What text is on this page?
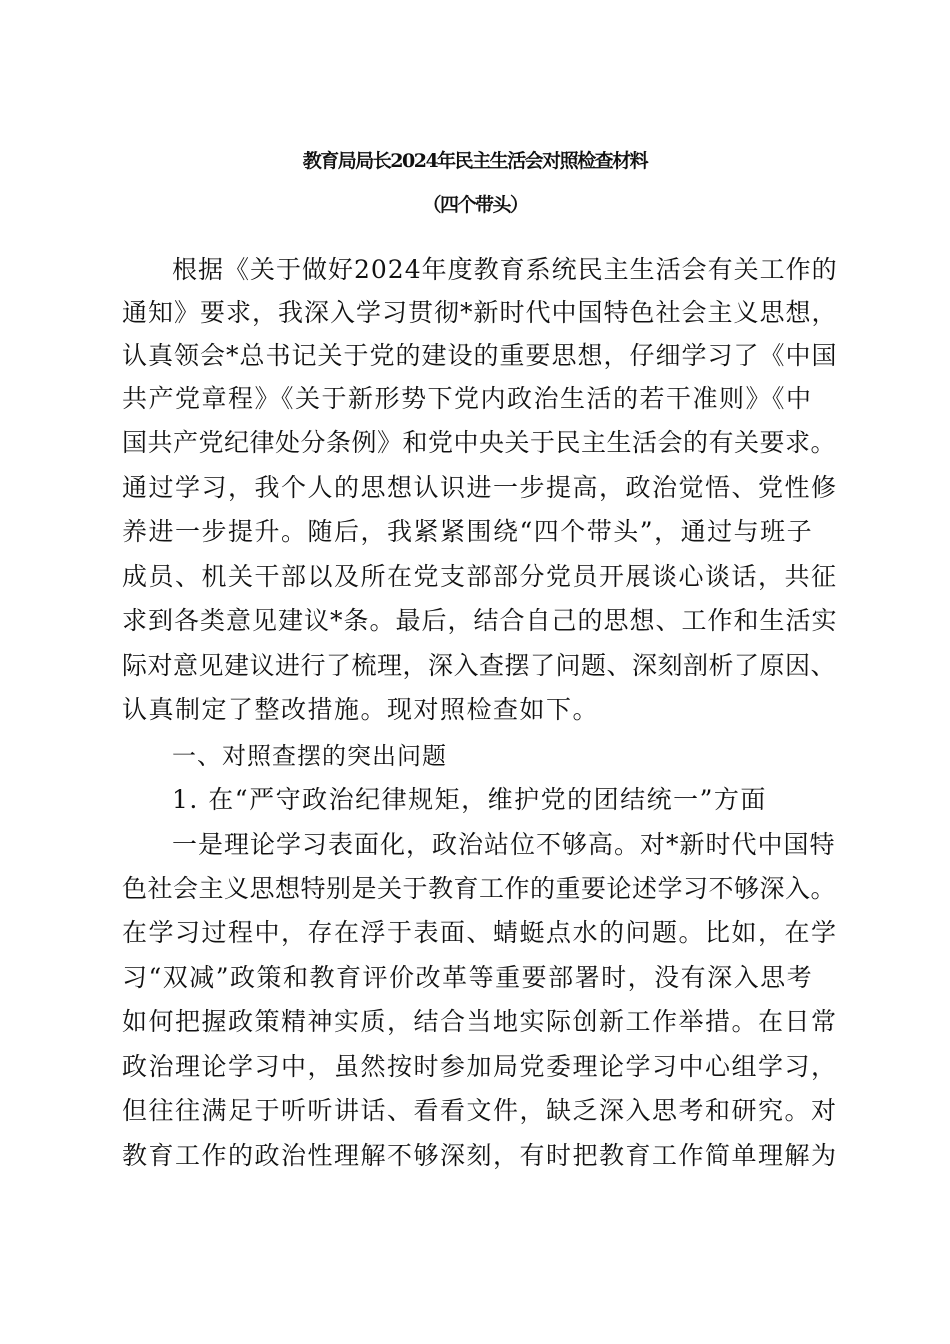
教育局局长2024年民主生活会对照检查材料
（四个带头）
根据《关于做好2024年度教育系统民主生活会有关工作的
通知》要求，我深入学习贯彻*新时代中国特色社会主义思想，
认真领会*总书记关于党的建设的重要思想，仔细学习了《中国
共产党章程》《关于新形势下党内政治生活的若干准则》《中
国共产党纪律处分条例》和党中央关于民主生活会的有关要求。
通过学习，我个人的思想认识进一步提高，政治觉悟、党性修
养进一步提升。随后，我紧紧围绕“四个带头”，通过与班子
成员、机关干部以及所在党支部部分党员开展谈心谈话，共征
求到各类意见建议*条。最后，结合自己的思想、工作和生活实
际对意见建议进行了梳理，深入查摆了问题、深刻剖析了原因、
认真制定了整改措施。现对照检查如下。
一、对照查摆的突出问题
1. 在“严守政治纪律规矩，维护党的团结统一”方面
一是理论学习表面化，政治站位不够高。对*新时代中国特
色社会主义思想特别是关于教育工作的重要论述学习不够深入。
在学习过程中，存在浮于表面、蜻蜓点水的问题。比如，在学
习“双减”政策和教育评价改革等重要部署时，没有深入思考
如何把握政策精神实质，结合当地实际创新工作举措。在日常
政治理论学习中，虽然按时参加局党委理论学习中心组学习，
但往往满足于听听讲话、看看文件，缺乏深入思考和研究。对
教育工作的政治性理解不够深刻，有时把教育工作简单理解为
